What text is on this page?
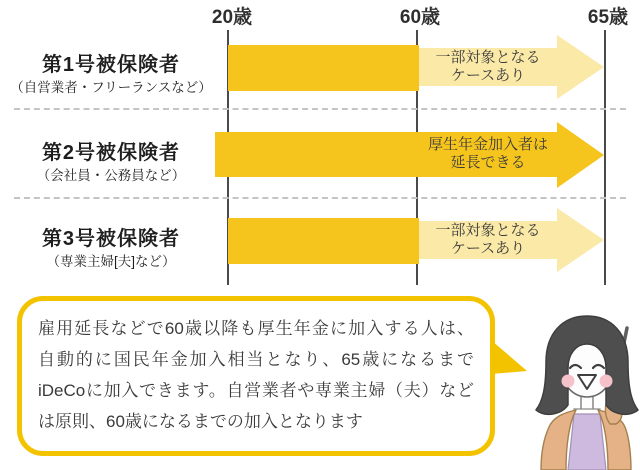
20歳	60歳	65歳
第1号被保険者
（自営業者・フリーランスなど）
一部対象となる
ケースあり
第2号被保険者
（会社員・公務員など）
厚生年金加入者は
延長できる
第3号被保険者
（専業主婦[夫]など）
一部対象となる
ケースあり
雇用延長などで60歳以降も厚生年金に加入する人は、
自動的に国民年金加入相当となり、65歳になるまで
iDeCoに加入できます。自営業者や専業主婦（夫）など
は原則、60歳になるまでの加入となります
